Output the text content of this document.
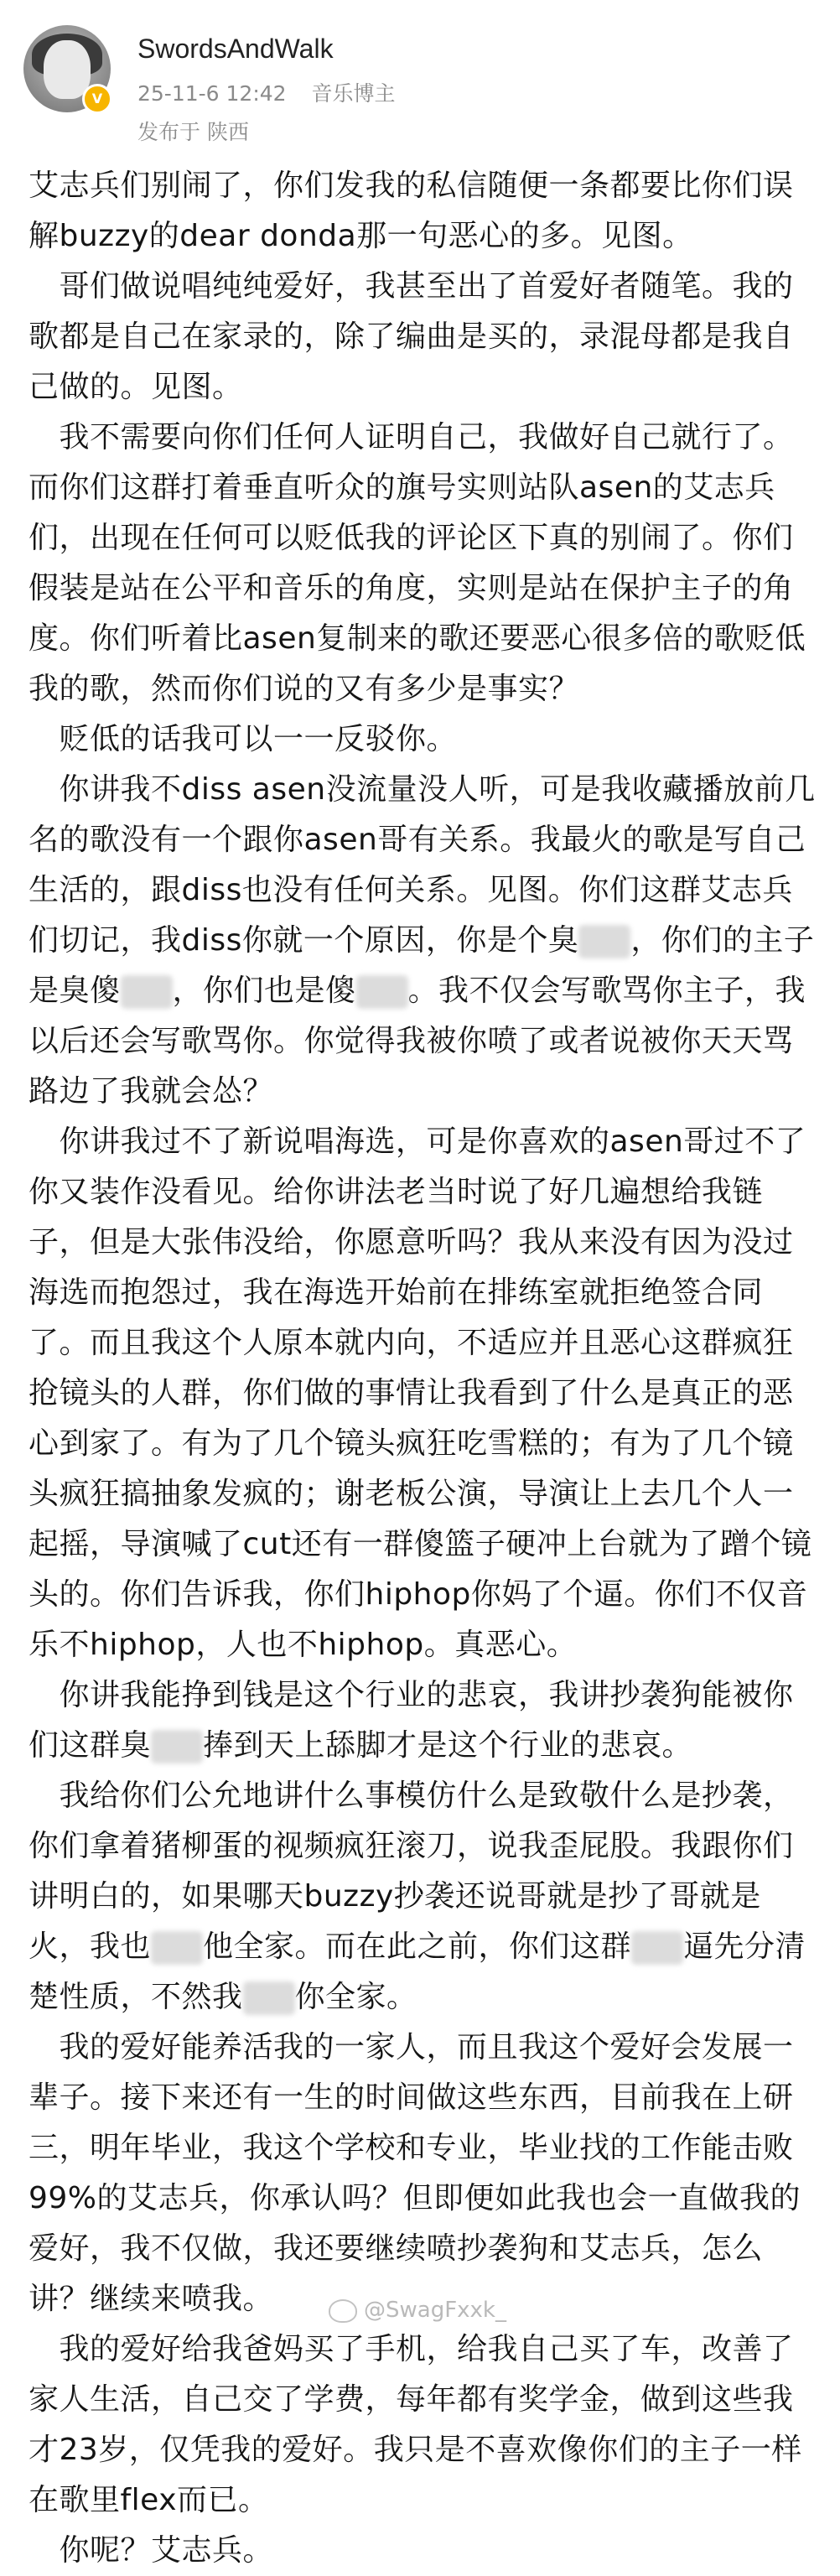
V
SwordsAndWalk
25-11-6 12:42 音乐博主
发布于 陕西

艾志兵们别闹了，你们发我的私信随便一条都要比你们误解buzzy的dear donda那一句恶心的多。见图。

　哥们做说唱纯纯爱好，我甚至出了首爱好者随笔。我的歌都是自己在家录的，除了编曲是买的，录混母都是我自己做的。见图。

　我不需要向你们任何人证明自己，我做好自己就行了。而你们这群打着垂直听众的旗号实则站队asen的艾志兵们，出现在任何可以贬低我的评论区下真的别闹了。你们假装是站在公平和音乐的角度，实则是站在保护主子的角度。你们听着比asen复制来的歌还要恶心很多倍的歌贬低我的歌，然而你们说的又有多少是事实？

　贬低的话我可以一一反驳你。

　你讲我不diss asen没流量没人听，可是我收藏播放前几名的歌没有一个跟你asen哥有关系。我最火的歌是写自己生活的，跟diss也没有任何关系。见图。你们这群艾志兵们切记，我diss你就一个原因，你是个臭 ，你们的主子是臭傻 ，你们也是傻 。我不仅会写歌骂你主子，我以后还会写歌骂你。你觉得我被你喷了或者说被你天天骂路边了我就会怂？

　你讲我过不了新说唱海选，可是你喜欢的asen哥过不了你又装作没看见。给你讲法老当时说了好几遍想给我链子，但是大张伟没给，你愿意听吗？我从来没有因为没过海选而抱怨过，我在海选开始前在排练室就拒绝签合同了。而且我这个人原本就内向，不适应并且恶心这群疯狂抢镜头的人群，你们做的事情让我看到了什么是真正的恶心到家了。有为了几个镜头疯狂吃雪糕的；有为了几个镜头疯狂搞抽象发疯的；谢老板公演，导演让上去几个人一起摇，导演喊了cut还有一群傻篮子硬冲上台就为了蹭个镜头的。你们告诉我，你们hiphop你妈了个逼。你们不仅音乐不hiphop，人也不hiphop。真恶心。

　你讲我能挣到钱是这个行业的悲哀，我讲抄袭狗能被你们这群臭 捧到天上舔脚才是这个行业的悲哀。

　我给你们公允地讲什么事模仿什么是致敬什么是抄袭，你们拿着猪柳蛋的视频疯狂滚刀，说我歪屁股。我跟你们讲明白的，如果哪天buzzy抄袭还说哥就是抄了哥就是火，我也 他全家。而在此之前，你们这群 逼先分清楚性质，不然我 你全家。

　我的爱好能养活我的一家人，而且我这个爱好会发展一辈子。接下来还有一生的时间做这些东西，目前我在上研三，明年毕业，我这个学校和专业，毕业找的工作能击败99%的艾志兵，你承认吗？但即便如此我也会一直做我的爱好，我不仅做，我还要继续喷抄袭狗和艾志兵，怎么讲？继续来喷我。

　我的爱好给我爸妈买了手机，给我自己买了车，改善了家人生活，自己交了学费，每年都有奖学金，做到这些我才23岁，仅凭我的爱好。我只是不喜欢像你们的主子一样在歌里flex而已。

　你呢？艾志兵。

@SwagFxxk_
